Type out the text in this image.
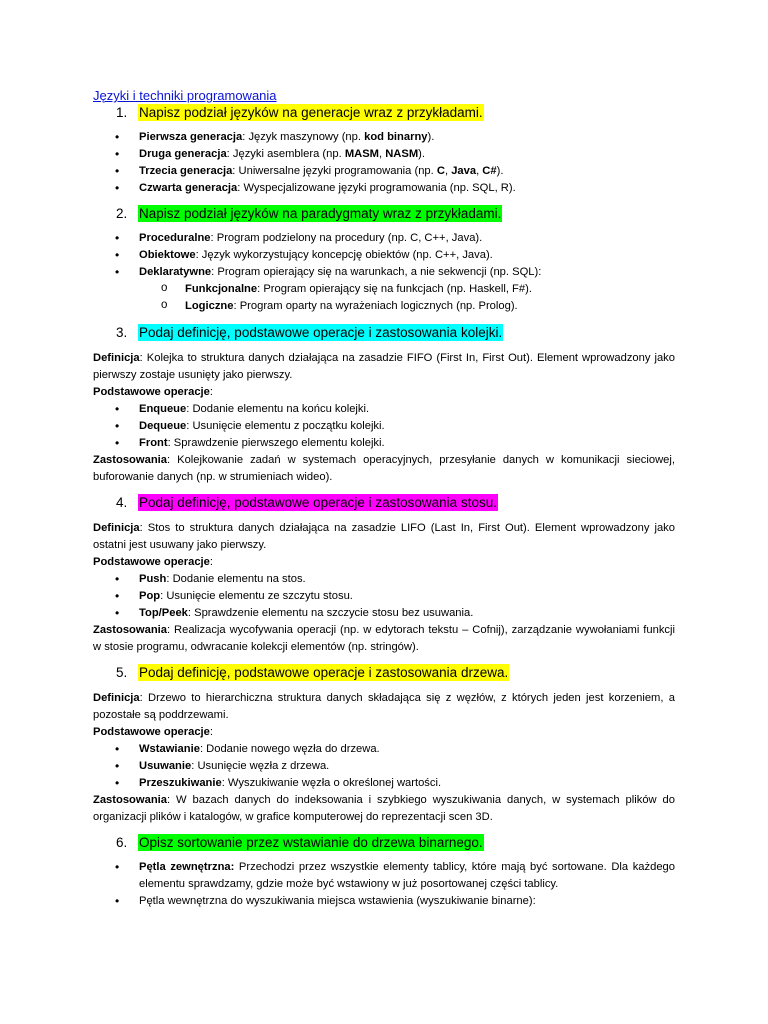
Języki i techniki programowania

1. Napisz podział języków na generacje wraz z przykładami.

• Pierwsza generacja: Język maszynowy (np. kod binarny).
• Druga generacja: Języki asemblera (np. MASM, NASM).
• Trzecia generacja: Uniwersalne języki programowania (np. C, Java, C#).
• Czwarta generacja: Wyspecjalizowane języki programowania (np. SQL, R).

2. Napisz podział języków na paradygmaty wraz z przykładami.

• Proceduralne: Program podzielony na procedury (np. C, C++, Java).
• Obiektowe: Język wykorzystujący koncepcję obiektów (np. C++, Java).
• Deklaratywne: Program opierający się na warunkach, a nie sekwencji (np. SQL):
o Funkcjonalne: Program opierający się na funkcjach (np. Haskell, F#).
o Logiczne: Program oparty na wyrażeniach logicznych (np. Prolog).

3. Podaj definicję, podstawowe operacje i zastosowania kolejki.

Definicja: Kolejka to struktura danych działająca na zasadzie FIFO (First In, First Out). Element wprowadzony jako pierwszy zostaje usunięty jako pierwszy.

Podstawowe operacje:

• Enqueue: Dodanie elementu na końcu kolejki.
• Dequeue: Usunięcie elementu z początku kolejki.
• Front: Sprawdzenie pierwszego elementu kolejki.

Zastosowania: Kolejkowanie zadań w systemach operacyjnych, przesyłanie danych w komunikacji sieciowej, buforowanie danych (np. w strumieniach wideo).

4. Podaj definicję, podstawowe operacje i zastosowania stosu.

Definicja: Stos to struktura danych działająca na zasadzie LIFO (Last In, First Out). Element wprowadzony jako ostatni jest usuwany jako pierwszy.

Podstawowe operacje:

• Push: Dodanie elementu na stos.
• Pop: Usunięcie elementu ze szczytu stosu.
• Top/Peek: Sprawdzenie elementu na szczycie stosu bez usuwania.

Zastosowania: Realizacja wycofywania operacji (np. w edytorach tekstu – Cofnij), zarządzanie wywołaniami funkcji w stosie programu, odwracanie kolekcji elementów (np. stringów).

5. Podaj definicję, podstawowe operacje i zastosowania drzewa.

Definicja: Drzewo to hierarchiczna struktura danych składająca się z węzłów, z których jeden jest korzeniem, a pozostałe są poddrzewami.

Podstawowe operacje:

• Wstawianie: Dodanie nowego węzła do drzewa.
• Usuwanie: Usunięcie węzła z drzewa.
• Przeszukiwanie: Wyszukiwanie węzła o określonej wartości.

Zastosowania: W bazach danych do indeksowania i szybkiego wyszukiwania danych, w systemach plików do organizacji plików i katalogów, w grafice komputerowej do reprezentacji scen 3D.

6. Opisz sortowanie przez wstawianie do drzewa binarnego.

• Pętla zewnętrzna: Przechodzi przez wszystkie elementy tablicy, które mają być sortowane. Dla każdego elementu sprawdzamy, gdzie może być wstawiony w już posortowanej części tablicy.
• Pętla wewnętrzna do wyszukiwania miejsca wstawienia (wyszukiwanie binarne):
